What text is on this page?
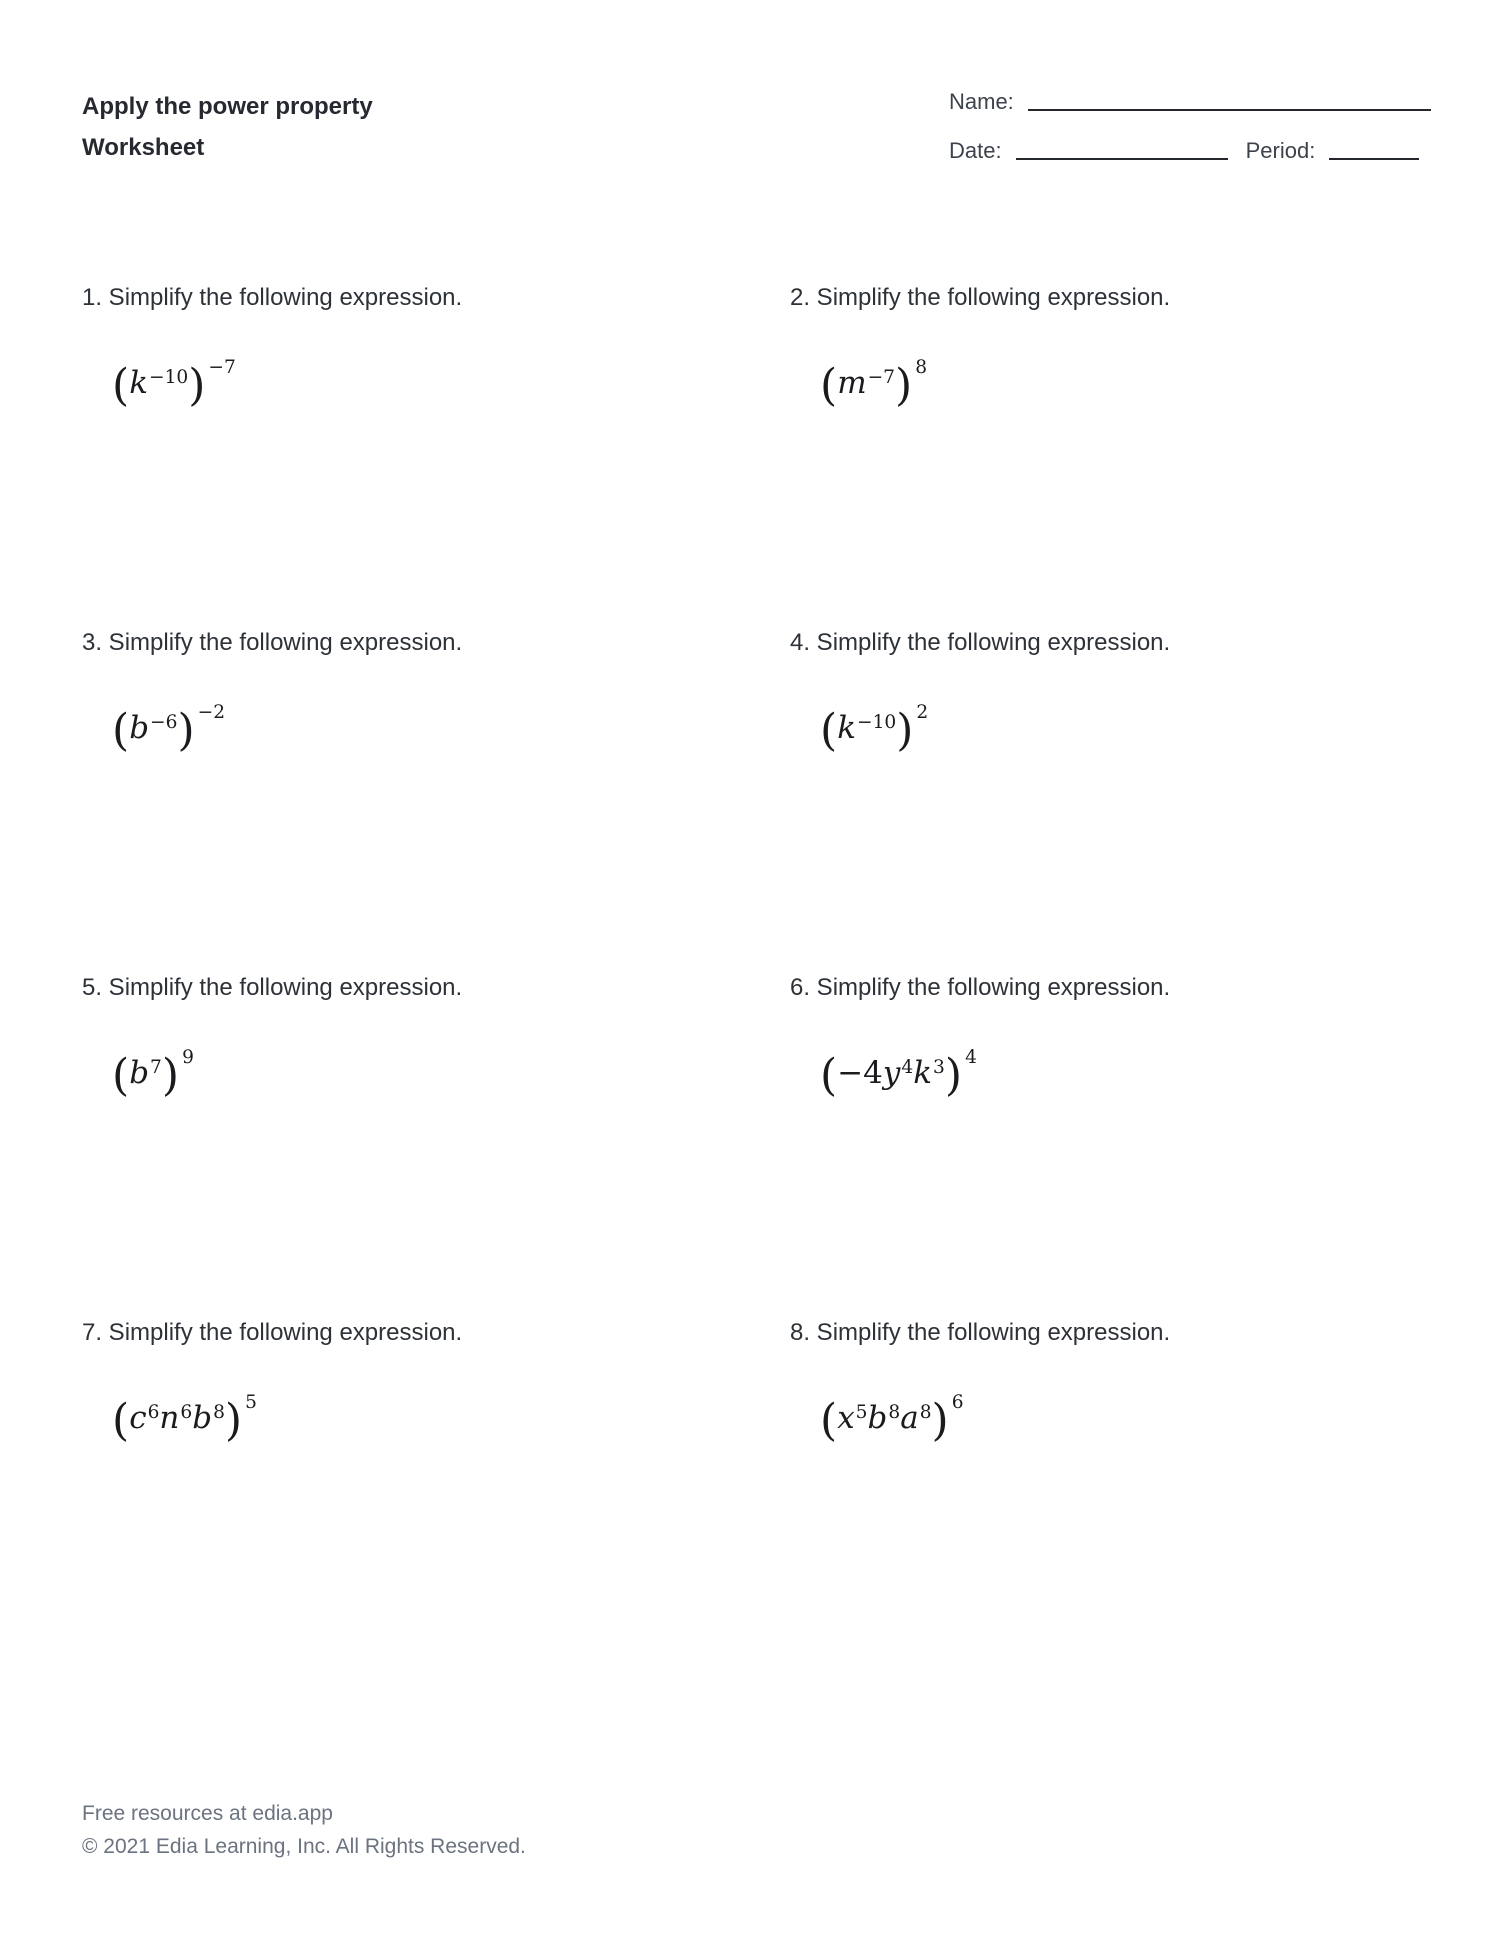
Apply the power property
Worksheet
Name:
Date:	Period:
1. Simplify the following expression.
$(k^{-10})$ $^{-7}$
2. Simplify the following expression.
$(m^{-7})$ $^8$
3. Simplify the following expression.
$(b^{-6})$ $^{-2}$
4. Simplify the following expression.
$(k^{-10})$ $^2$
5. Simplify the following expression.
$(b^7)$ $^9$
6. Simplify the following expression.
$(-4y^4k^3)$ $^4$
7. Simplify the following expression.
$(c^6n^6b^8)$ $^5$
8. Simplify the following expression.
$(x^5b^8a^8)$ $^6$
Free resources at edia.app
© 2021 Edia Learning, Inc. All Rights Reserved.
